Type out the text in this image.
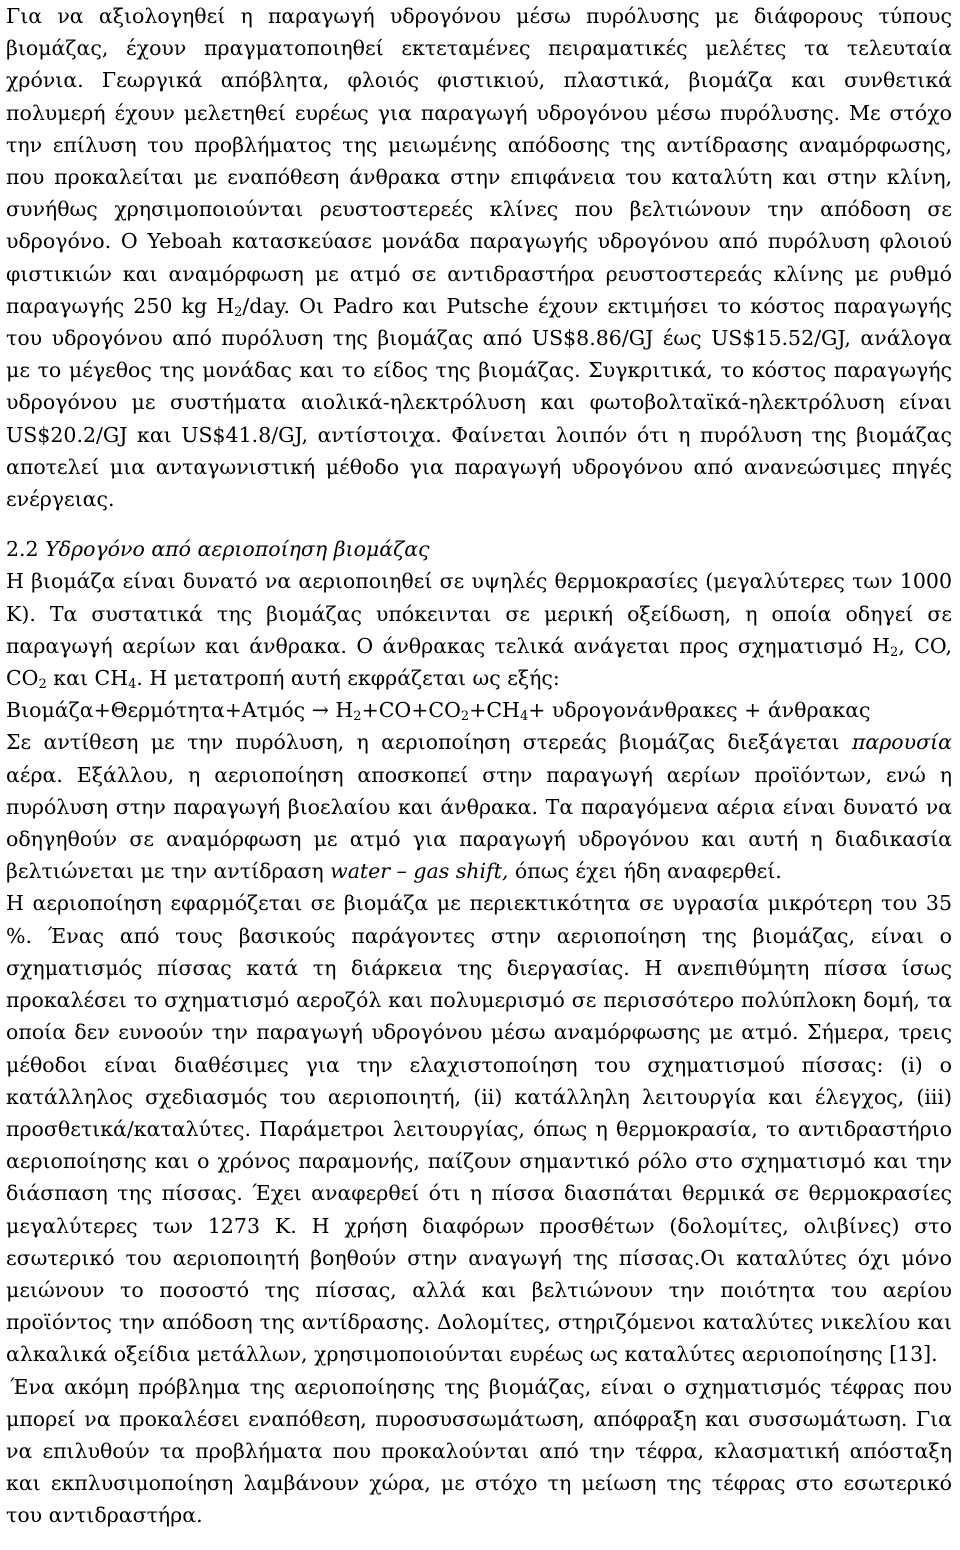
Για να αξιολογηθεί η παραγωγή υδρογόνου μέσω πυρόλυσης με διάφορους τύπους βιομάζας, έχουν πραγματοποιηθεί εκτεταμένες πειραματικές μελέτες τα τελευταία χρόνια. Γεωργικά απόβλητα, φλοιός φιστικιού, πλαστικά, βιομάζα και συνθετικά πολυμερή έχουν μελετηθεί ευρέως για παραγωγή υδρογόνου μέσω πυρόλυσης. Με στόχο την επίλυση του προβλήματος της μειωμένης απόδοσης της αντίδρασης αναμόρφωσης, που προκαλείται με εναπόθεση άνθρακα στην επιφάνεια του καταλύτη και στην κλίνη, συνήθως χρησιμοποιούνται ρευστοστερεές κλίνες που βελτιώνουν την απόδοση σε υδρογόνο. Ο Yeboah κατασκεύασε μονάδα παραγωγής υδρογόνου από πυρόλυση φλοιού φιστικιών και αναμόρφωση με ατμό σε αντιδραστήρα ρευστοστερεάς κλίνης με ρυθμό παραγωγής 250 kg $H_2$/day. Οι Padro και Putsche έχουν εκτιμήσει το κόστος παραγωγής του υδρογόνου από πυρόλυση της βιομάζας από US$8.86/GJ έως US$15.52/GJ, ανάλογα με το μέγεθος της μονάδας και το είδος της βιομάζας. Συγκριτικά, το κόστος παραγωγής υδρογόνου με συστήματα αιολικά-ηλεκτρόλυση και φωτοβολταϊκά-ηλεκτρόλυση είναι US$20.2/GJ και US$41.8/GJ, αντίστοιχα. Φαίνεται λοιπόν ότι η πυρόλυση της βιομάζας αποτελεί μια ανταγωνιστική μέθοδο για παραγωγή υδρογόνου από ανανεώσιμες πηγές ενέργειας.

2.2 Υδρογόνο από αεριοποίηση βιομάζας

Η βιομάζα είναι δυνατό να αεριοποιηθεί σε υψηλές θερμοκρασίες (μεγαλύτερες των 1000 Κ). Τα συστατικά της βιομάζας υπόκεινται σε μερική οξείδωση, η οποία οδηγεί σε παραγωγή αερίων και άνθρακα. Ο άνθρακας τελικά ανάγεται προς σχηματισμό $H_2$, CO, $CO_2$ και $CH_4$. Η μετατροπή αυτή εκφράζεται ως εξής:

$B\iota o\mu ά\zeta\alpha+\Theta\varepsilon\rho\mu ό\tau\eta\tau\alpha+A\tau\mu ό\varsigma \to H_2+CO+CO_2+CH_4+ \upsilon\delta\rho o\gamma o\nu ά\nu\theta\rho\alpha\kappa\varepsilon\varsigma + ά\nu\theta\rho\alpha\kappa\alpha\varsigma$

Σε αντίθεση με την πυρόλυση, η αεριοποίηση στερεάς βιομάζας διεξάγεται παρουσία αέρα. Εξάλλου, η αεριοποίηση αποσκοπεί στην παραγωγή αερίων προϊόντων, ενώ η πυρόλυση στην παραγωγή βιοελαίου και άνθρακα. Τα παραγόμενα αέρια είναι δυνατό να οδηγηθούν σε αναμόρφωση με ατμό για παραγωγή υδρογόνου και αυτή η διαδικασία βελτιώνεται με την αντίδραση water – gas shift, όπως έχει ήδη αναφερθεί.

Η αεριοποίηση εφαρμόζεται σε βιομάζα με περιεκτικότητα σε υγρασία μικρότερη του 35 %. Ένας από τους βασικούς παράγοντες στην αεριοποίηση της βιομάζας, είναι ο σχηματισμός πίσσας κατά τη διάρκεια της διεργασίας. Η ανεπιθύμητη πίσσα ίσως προκαλέσει το σχηματισμό αεροζόλ και πολυμερισμό σε περισσότερο πολύπλοκη δομή, τα οποία δεν ευνοούν την παραγωγή υδρογόνου μέσω αναμόρφωσης με ατμό. Σήμερα, τρεις μέθοδοι είναι διαθέσιμες για την ελαχιστοποίηση του σχηματισμού πίσσας: (i) ο κατάλληλος σχεδιασμός του αεριοποιητή, (ii) κατάλληλη λειτουργία και έλεγχος, (iii) προσθετικά/καταλύτες. Παράμετροι λειτουργίας, όπως η θερμοκρασία, το αντιδραστήριο αεριοποίησης και ο χρόνος παραμονής, παίζουν σημαντικό ρόλο στο σχηματισμό και την διάσπαση της πίσσας. Έχει αναφερθεί ότι η πίσσα διασπάται θερμικά σε θερμοκρασίες μεγαλύτερες των 1273 K. Η χρήση διαφόρων προσθέτων (δολομίτες, ολιβίνες) στο εσωτερικό του αεριοποιητή βοηθούν στην αναγωγή της πίσσας.Οι καταλύτες όχι μόνο μειώνουν το ποσοστό της πίσσας, αλλά και βελτιώνουν την ποιότητα του αερίου προϊόντος την απόδοση της αντίδρασης. Δολομίτες, στηριζόμενοι καταλύτες νικελίου και αλκαλικά οξείδια μετάλλων, χρησιμοποιούνται ευρέως ως καταλύτες αεριοποίησης [13].

Ένα ακόμη πρόβλημα της αεριοποίησης της βιομάζας, είναι ο σχηματισμός τέφρας που μπορεί να προκαλέσει εναπόθεση, πυροσυσσωμάτωση, απόφραξη και συσσωμάτωση. Για να επιλυθούν τα προβλήματα που προκαλούνται από την τέφρα, κλασματική απόσταξη και εκπλυσιμοποίηση λαμβάνουν χώρα, με στόχο τη μείωση της τέφρας στο εσωτερικό του αντιδραστήρα.
